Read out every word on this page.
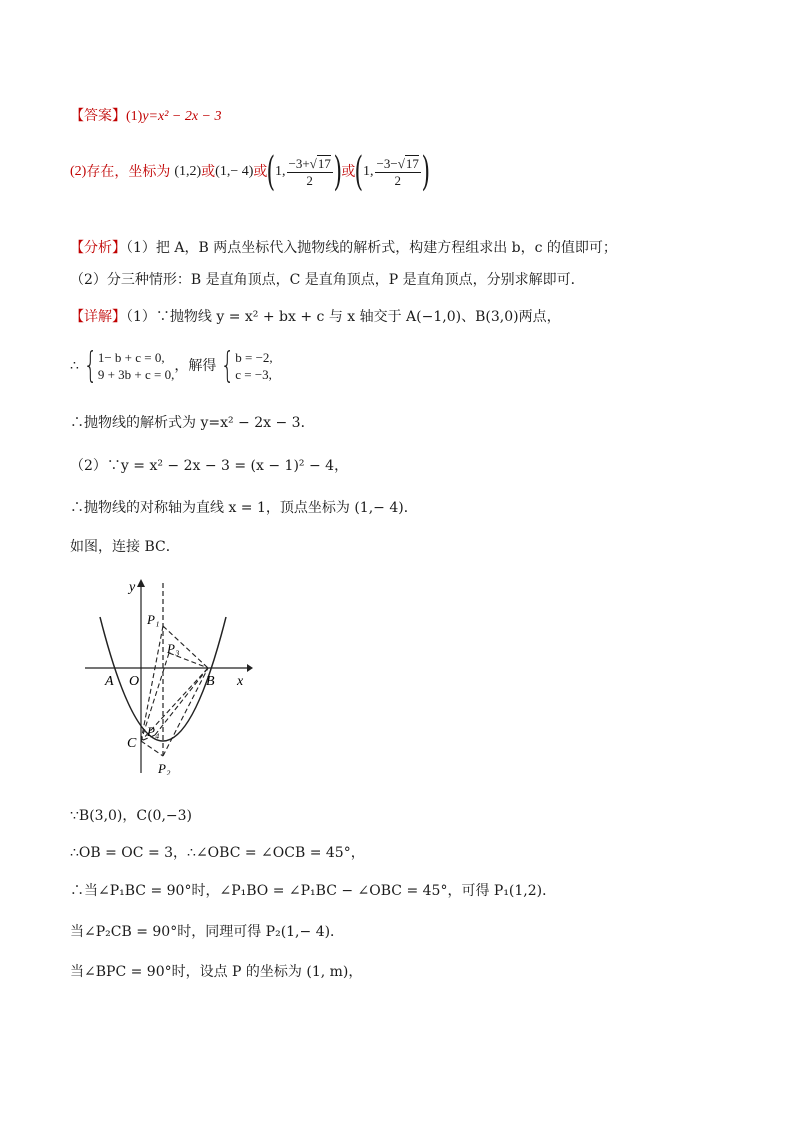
【答案】(1)y=x² − 2x − 3
(2) 存在，坐标为 (1,2) 或 (1,− 4) 或 ( 1, $\frac{-3+√17}{2}$ ) 或 ( 1, $\frac{-3-√17}{2}$ )
【分析】（1）把 A，B 两点坐标代入抛物线的解析式，构建方程组求出 b，c 的值即可；
（2）分三种情形：B 是直角顶点，C 是直角顶点，P 是直角顶点，分别求解即可．
【详解】（1）∵抛物线 y = x² + bx + c 与 x 轴交于 A(−1,0)、B(3,0)两点，
∴ { 1− b + c = 0,
9 + 3b + c = 0,
，解得 { b = −2,
c = −3,
∴抛物线的解析式为 y=x² − 2x − 3．
（2）∵y = x² − 2x − 3 = (x − 1)² − 4，
∴抛物线的对称轴为直线 x = 1，顶点坐标为 (1,− 4)．
如图，连接 BC．
y
x
A O	B
C
P₁
P₃
P₄
P₂
∵B(3,0)，C(0,−3)
∴OB = OC = 3，∴∠OBC = ∠OCB = 45°，
∴当∠P₁BC = 90°时，∠P₁BO = ∠P₁BC − ∠OBC = 45°，可得 P₁(1,2)．
当∠P₂CB = 90°时，同理可得 P₂(1,− 4)．
当∠BPC = 90°时，设点 P 的坐标为 (1, m)，
